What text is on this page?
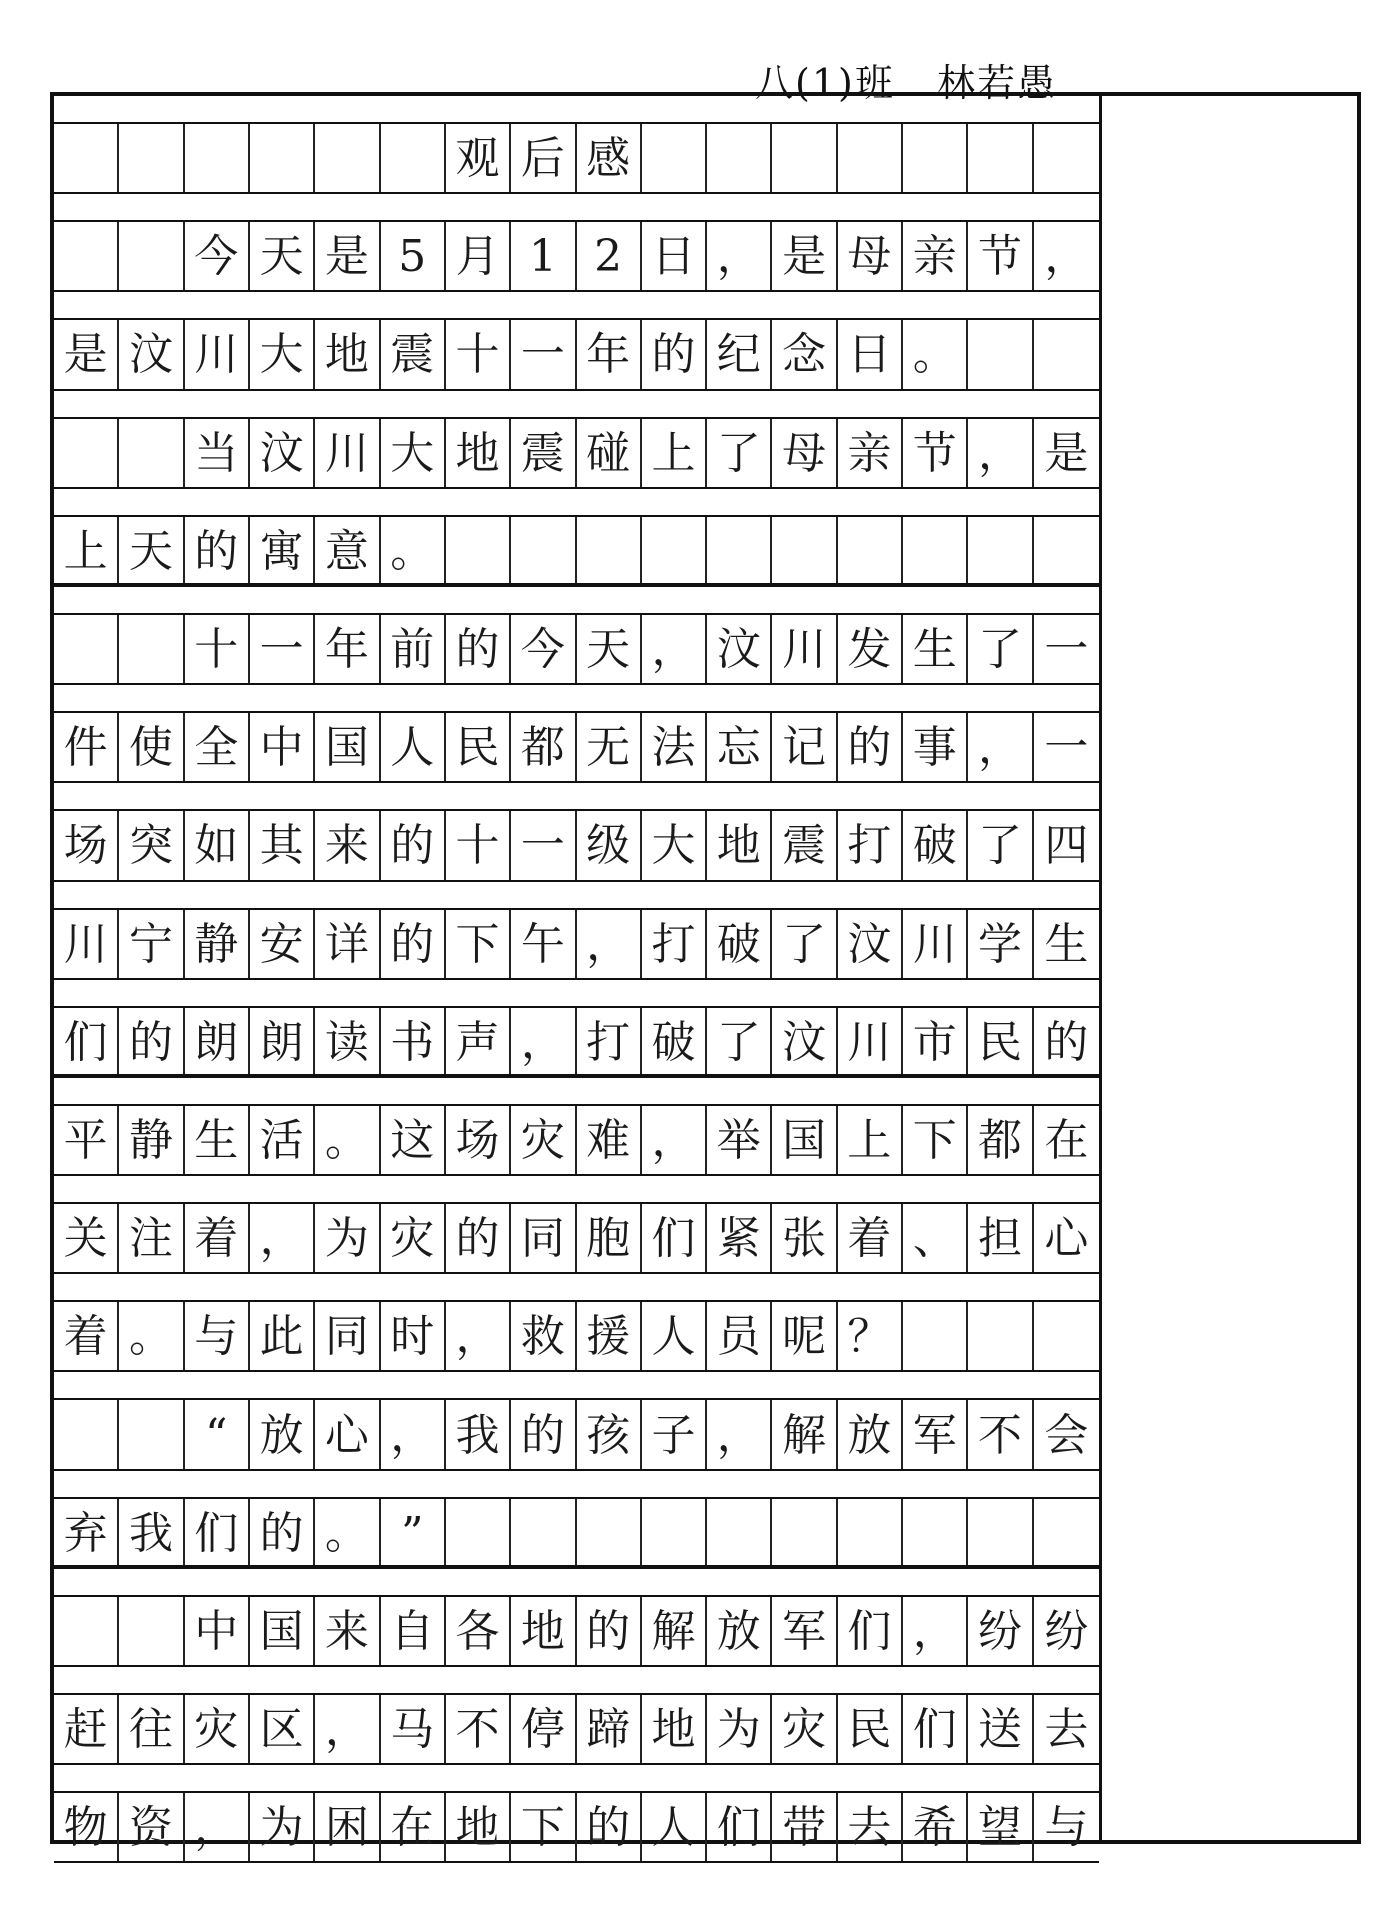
八(1)班 林若愚
观 后 感
今 天 是 5 月 1 2 日 ， 是 母 亲 节 ，
是 汶 川 大 地 震 十 一 年 的 纪 念 日 。
当 汶 川 大 地 震 碰 上 了 母 亲 节 ， 是
上 天 的 寓 意 。
十 一 年 前 的 今 天 ， 汶 川 发 生 了 一
件 使 全 中 国 人 民 都 无 法 忘 记 的 事 ， 一
场 突 如 其 来 的 十 一 级 大 地 震 打 破 了 四
川 宁 静 安 详 的 下 午 ， 打 破 了 汶 川 学 生
们 的 朗 朗 读 书 声 ， 打 破 了 汶 川 市 民 的
平 静 生 活 。 这 场 灾 难 ， 举 国 上 下 都 在
关 注 着 ， 为 灾 的 同 胞 们 紧 张 着 、 担 心
着 。 与 此 同 时 ， 救 援 人 员 呢 ？
“ 放 心 ， 我 的 孩 子 ， 解 放 军 不 会
弃 我 们 的 。 ”
中 国 来 自 各 地 的 解 放 军 们 ， 纷 纷
赶 往 灾 区 ， 马 不 停 蹄 地 为 灾 民 们 送 去
物 资 ， 为 困 在 地 下 的 人 们 带 去 希 望 与
